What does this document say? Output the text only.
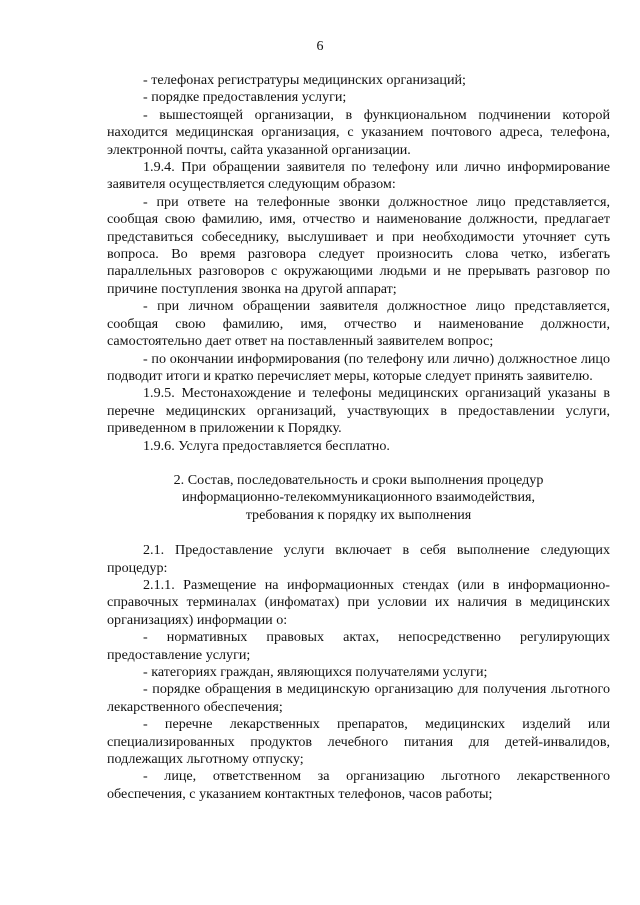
6

- телефонах регистратуры медицинских организаций;

- порядке предоставления услуги;

- вышестоящей организации, в функциональном подчинении которой находится медицинская организация, с указанием почтового адреса, телефона, электронной почты, сайта указанной организации.

1.9.4. При обращении заявителя по телефону или лично информирование заявителя осуществляется следующим образом:

- при ответе на телефонные звонки должностное лицо представляется, сообщая свою фамилию, имя, отчество и наименование должности, предлагает представиться собеседнику, выслушивает и при необходимости уточняет суть вопроса. Во время разговора следует произносить слова четко, избегать параллельных разговоров с окружающими людьми и не прерывать разговор по причине поступления звонка на другой аппарат;

- при личном обращении заявителя должностное лицо представляется, сообщая свою фамилию, имя, отчество и наименование должности, самостоятельно дает ответ на поставленный заявителем вопрос;

- по окончании информирования (по телефону или лично) должностное лицо подводит итоги и кратко перечисляет меры, которые следует принять заявителю.

1.9.5. Местонахождение и телефоны медицинских организаций указаны в перечне медицинских организаций, участвующих в предоставлении услуги, приведенном в приложении к Порядку.

1.9.6. Услуга предоставляется бесплатно.

2. Состав, последовательность и сроки выполнения процедур
информационно-телекоммуникационного взаимодействия,
требования к порядку их выполнения

2.1. Предоставление услуги включает в себя выполнение следующих процедур:

2.1.1. Размещение на информационных стендах (или в информационно-справочных терминалах (инфоматах) при условии их наличия в медицинских организациях) информации о:

- нормативных правовых актах, непосредственно регулирующих предоставление услуги;

- категориях граждан, являющихся получателями услуги;

- порядке обращения в медицинскую организацию для получения льготного лекарственного обеспечения;

- перечне лекарственных препаратов, медицинских изделий или специализированных продуктов лечебного питания для детей-инвалидов, подлежащих льготному отпуску;

- лице, ответственном за организацию льготного лекарственного обеспечения, с указанием контактных телефонов, часов работы;
